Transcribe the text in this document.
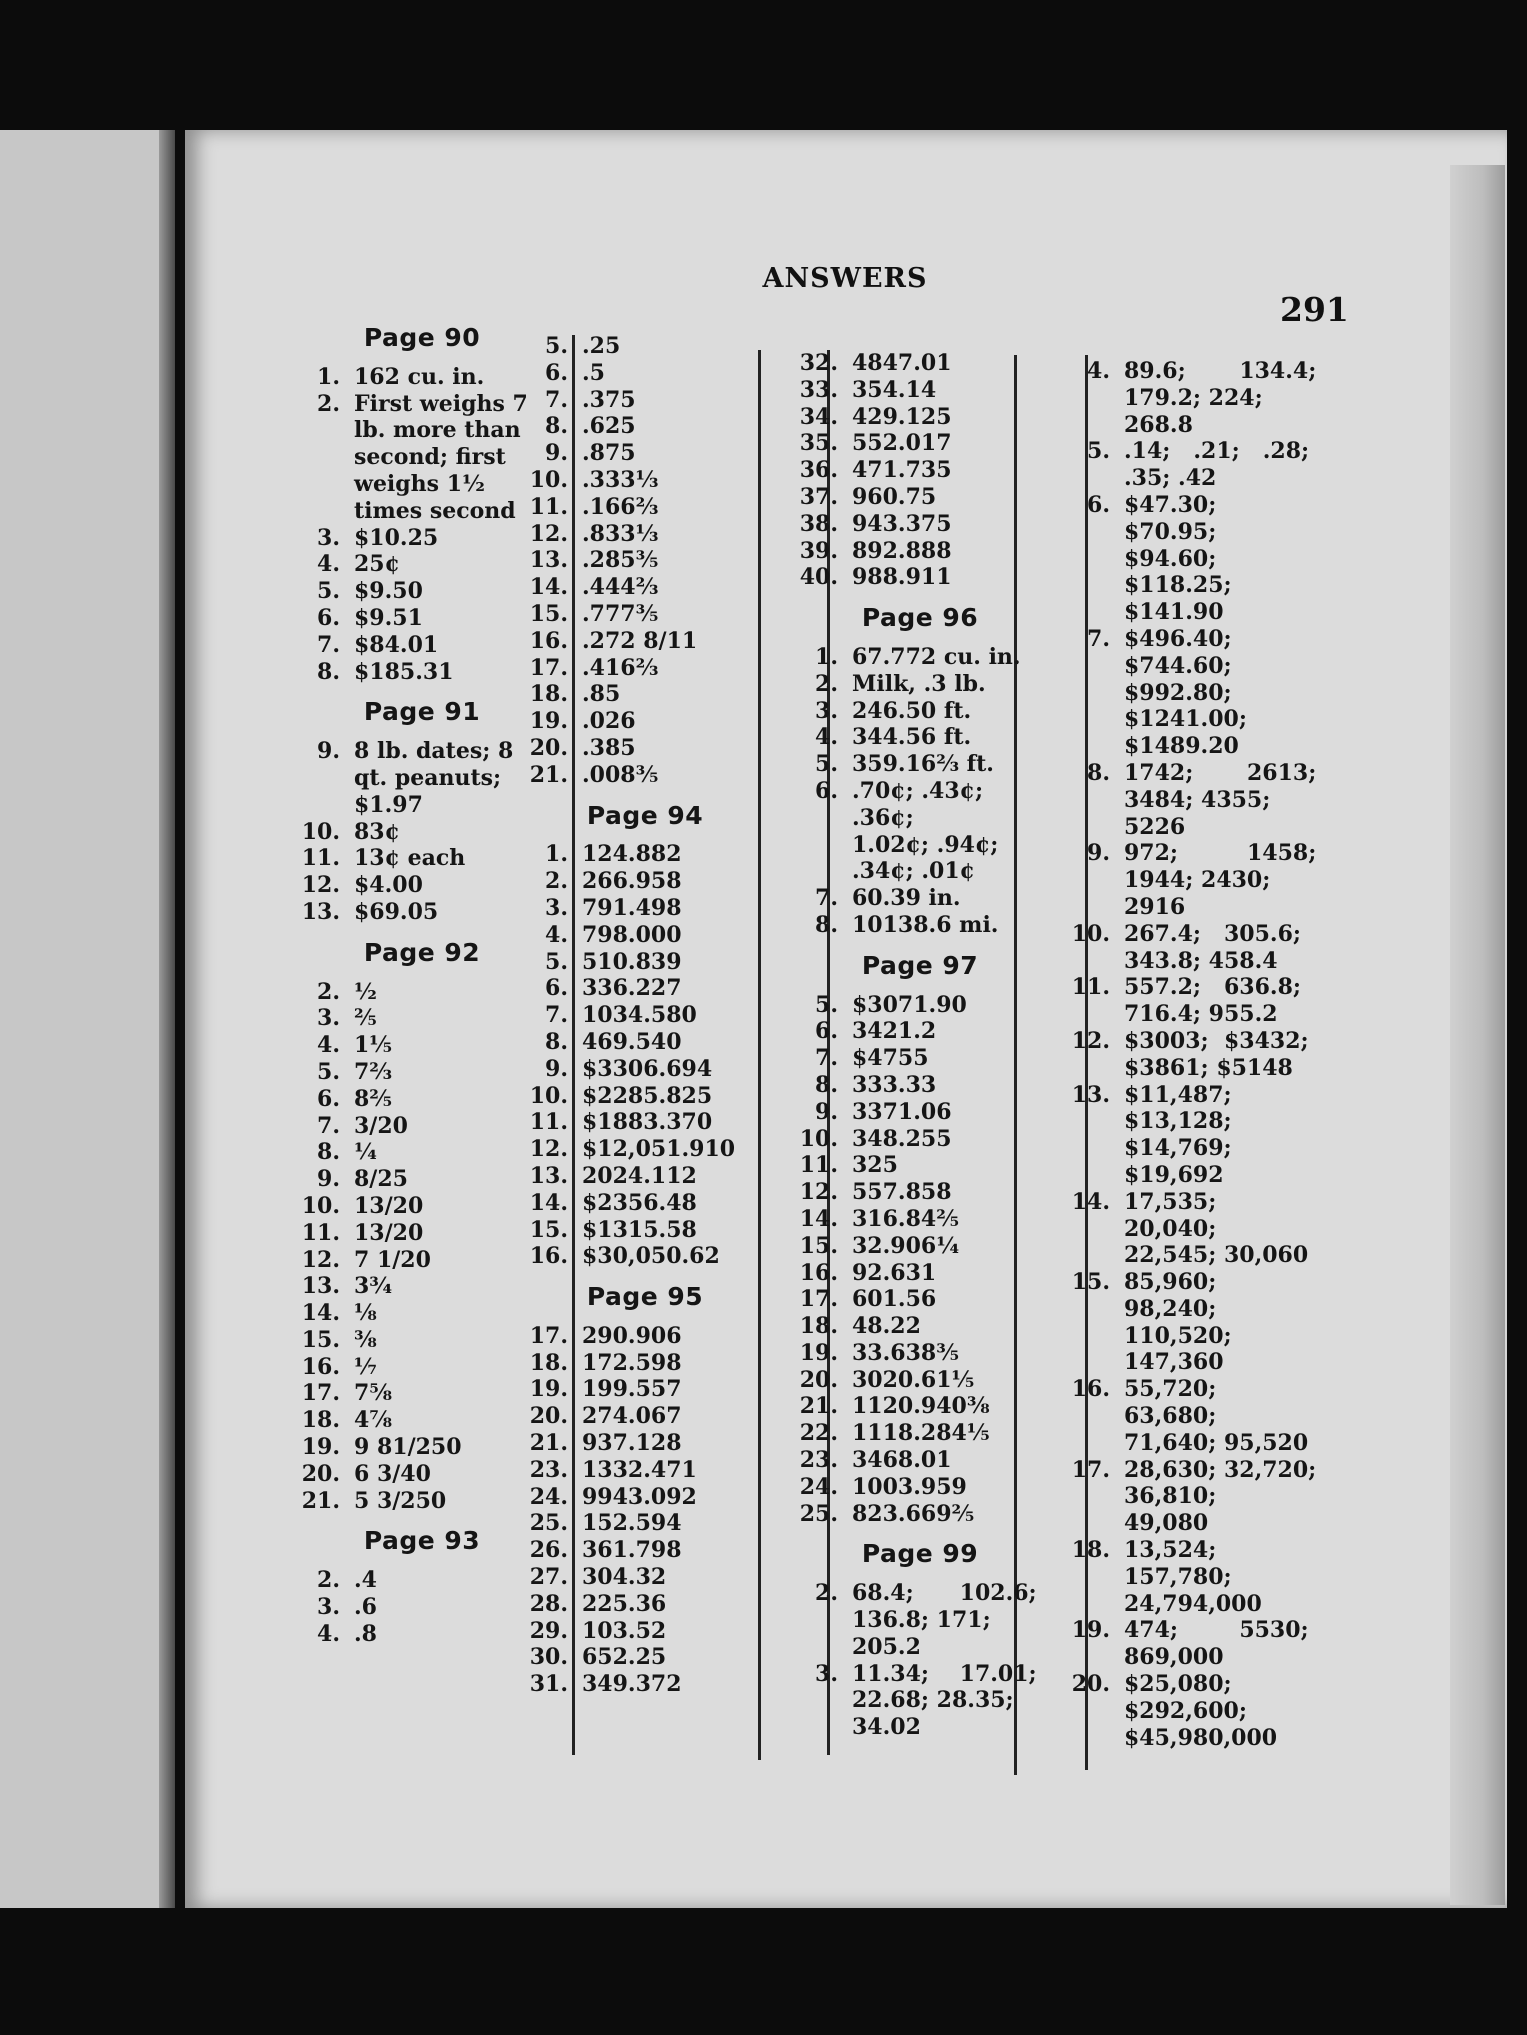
ANSWERS
291
Page 90
1. 162 cu. in.
2. First weighs 7
lb. more than
second; first
weighs 1½
times second
3. $10.25
4. 25¢
5. $9.50
6. $9.51
7. $84.01
8. $185.31
Page 91
9. 8 lb. dates; 8
qt. peanuts;
$1.97
10. 83¢
11. 13¢ each
12. $4.00
13. $69.05
Page 92
2. ½
3. ⅖
4. 1⅕
5. 7⅔
6. 8⅖
7. 3/20
8. ¼
9. 8/25
10. 13/20
11. 13/20
12. 7 1/20
13. 3¾
14. ⅛
15. ⅜
16. ⅐
17. 7⅝
18. 4⅞
19. 9 81/250
20. 6 3/40
21. 5 3/250
Page 93
2. .4
3. .6
4. .8
5. .25
6. .5
7. .375
8. .625
9. .875
10. .333⅓
11. .166⅔
12. .833⅓
13. .285⅗
14. .444⅔
15. .777⅗
16. .272 8/11
17. .416⅔
18. .85
19. .026
20. .385
21. .008⅗
Page 94
1. 124.882
2. 266.958
3. 791.498
4. 798.000
5. 510.839
6. 336.227
7. 1034.580
8. 469.540
9. $3306.694
10. $2285.825
11. $1883.370
12. $12,051.910
13. 2024.112
14. $2356.48
15. $1315.58
16. $30,050.62
Page 95
17. 290.906
18. 172.598
19. 199.557
20. 274.067
21. 937.128
23. 1332.471
24. 9943.092
25. 152.594
26. 361.798
27. 304.32
28. 225.36
29. 103.52
30. 652.25
31. 349.372
32. 4847.01
33. 354.14
34. 429.125
35. 552.017
36. 471.735
37. 960.75
38. 943.375
39. 892.888
40. 988.911
Page 96
1. 67.772 cu. in.
2. Milk, .3 lb.
3. 246.50 ft.
4. 344.56 ft.
5. 359.16⅔ ft.
6. .70¢; .43¢; .36¢;
1.02¢; .94¢;
.34¢; .01¢
7. 60.39 in.
8. 10138.6 mi.
Page 97
5. $3071.90
6. 3421.2
7. $4755
8. 333.33
9. 3371.06
10. 348.255
11. 325
12. 557.858
14. 316.84⅖
15. 32.906¼
16. 92.631
17. 601.56
18. 48.22
19. 33.638⅗
20. 3020.61⅕
21. 1120.940⅜
22. 1118.284⅕
23. 3468.01
24. 1003.959
25. 823.669⅖
Page 99
2. 68.4;      102.6;
136.8; 171;
205.2
3. 11.34;    17.01;
22.68; 28.35;
34.02
4. 89.6;       134.4;
179.2; 224;
268.8
5. .14;   .21;   .28;
.35; .42
6. $47.30;
$70.95;
$94.60;
$118.25;
$141.90
7. $496.40;
$744.60;
$992.80;
$1241.00;
$1489.20
8. 1742;       2613;
3484; 4355;
5226
9. 972;         1458;
1944; 2430;
2916
10. 267.4;   305.6;
343.8; 458.4
11. 557.2;   636.8;
716.4; 955.2
12. $3003;  $3432;
$3861; $5148
13. $11,487;
$13,128;
$14,769;
$19,692
14. 17,535;
20,040;
22,545; 30,060
15. 85,960;
98,240;
110,520;
147,360
16. 55,720;
63,680;
71,640; 95,520
17. 28,630; 32,720;
36,810;
49,080
18. 13,524;
157,780;
24,794,000
19. 474;        5530;
869,000
20. $25,080;
$292,600;
$45,980,000
